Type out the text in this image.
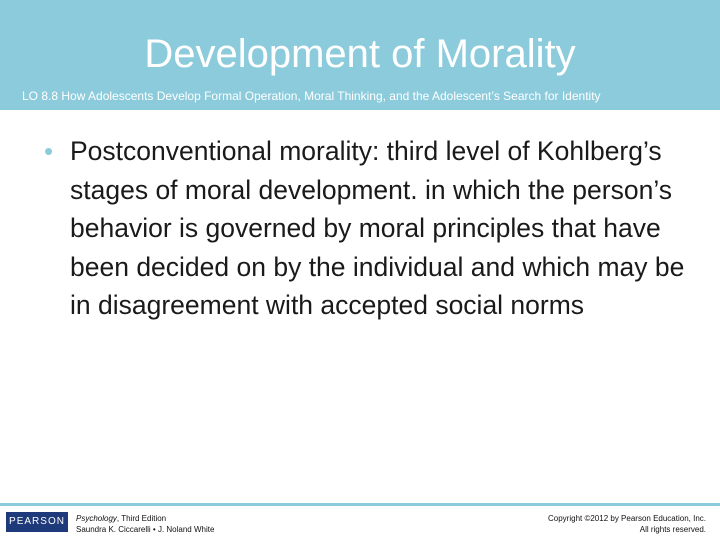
Development of Morality
LO 8.8 How Adolescents Develop Formal Operation, Moral Thinking, and the Adolescent’s Search for Identity
• Postconventional morality: third level of Kohlberg’s stages of moral development. in which the person’s behavior is governed by moral principles that have been decided on by the individual and which may be in disagreement with accepted social norms
PEARSON	Psychology, Third Edition
Saundra K. Ciccarelli • J. Noland White
Copyright ©2012 by Pearson Education, Inc.
All rights reserved.
